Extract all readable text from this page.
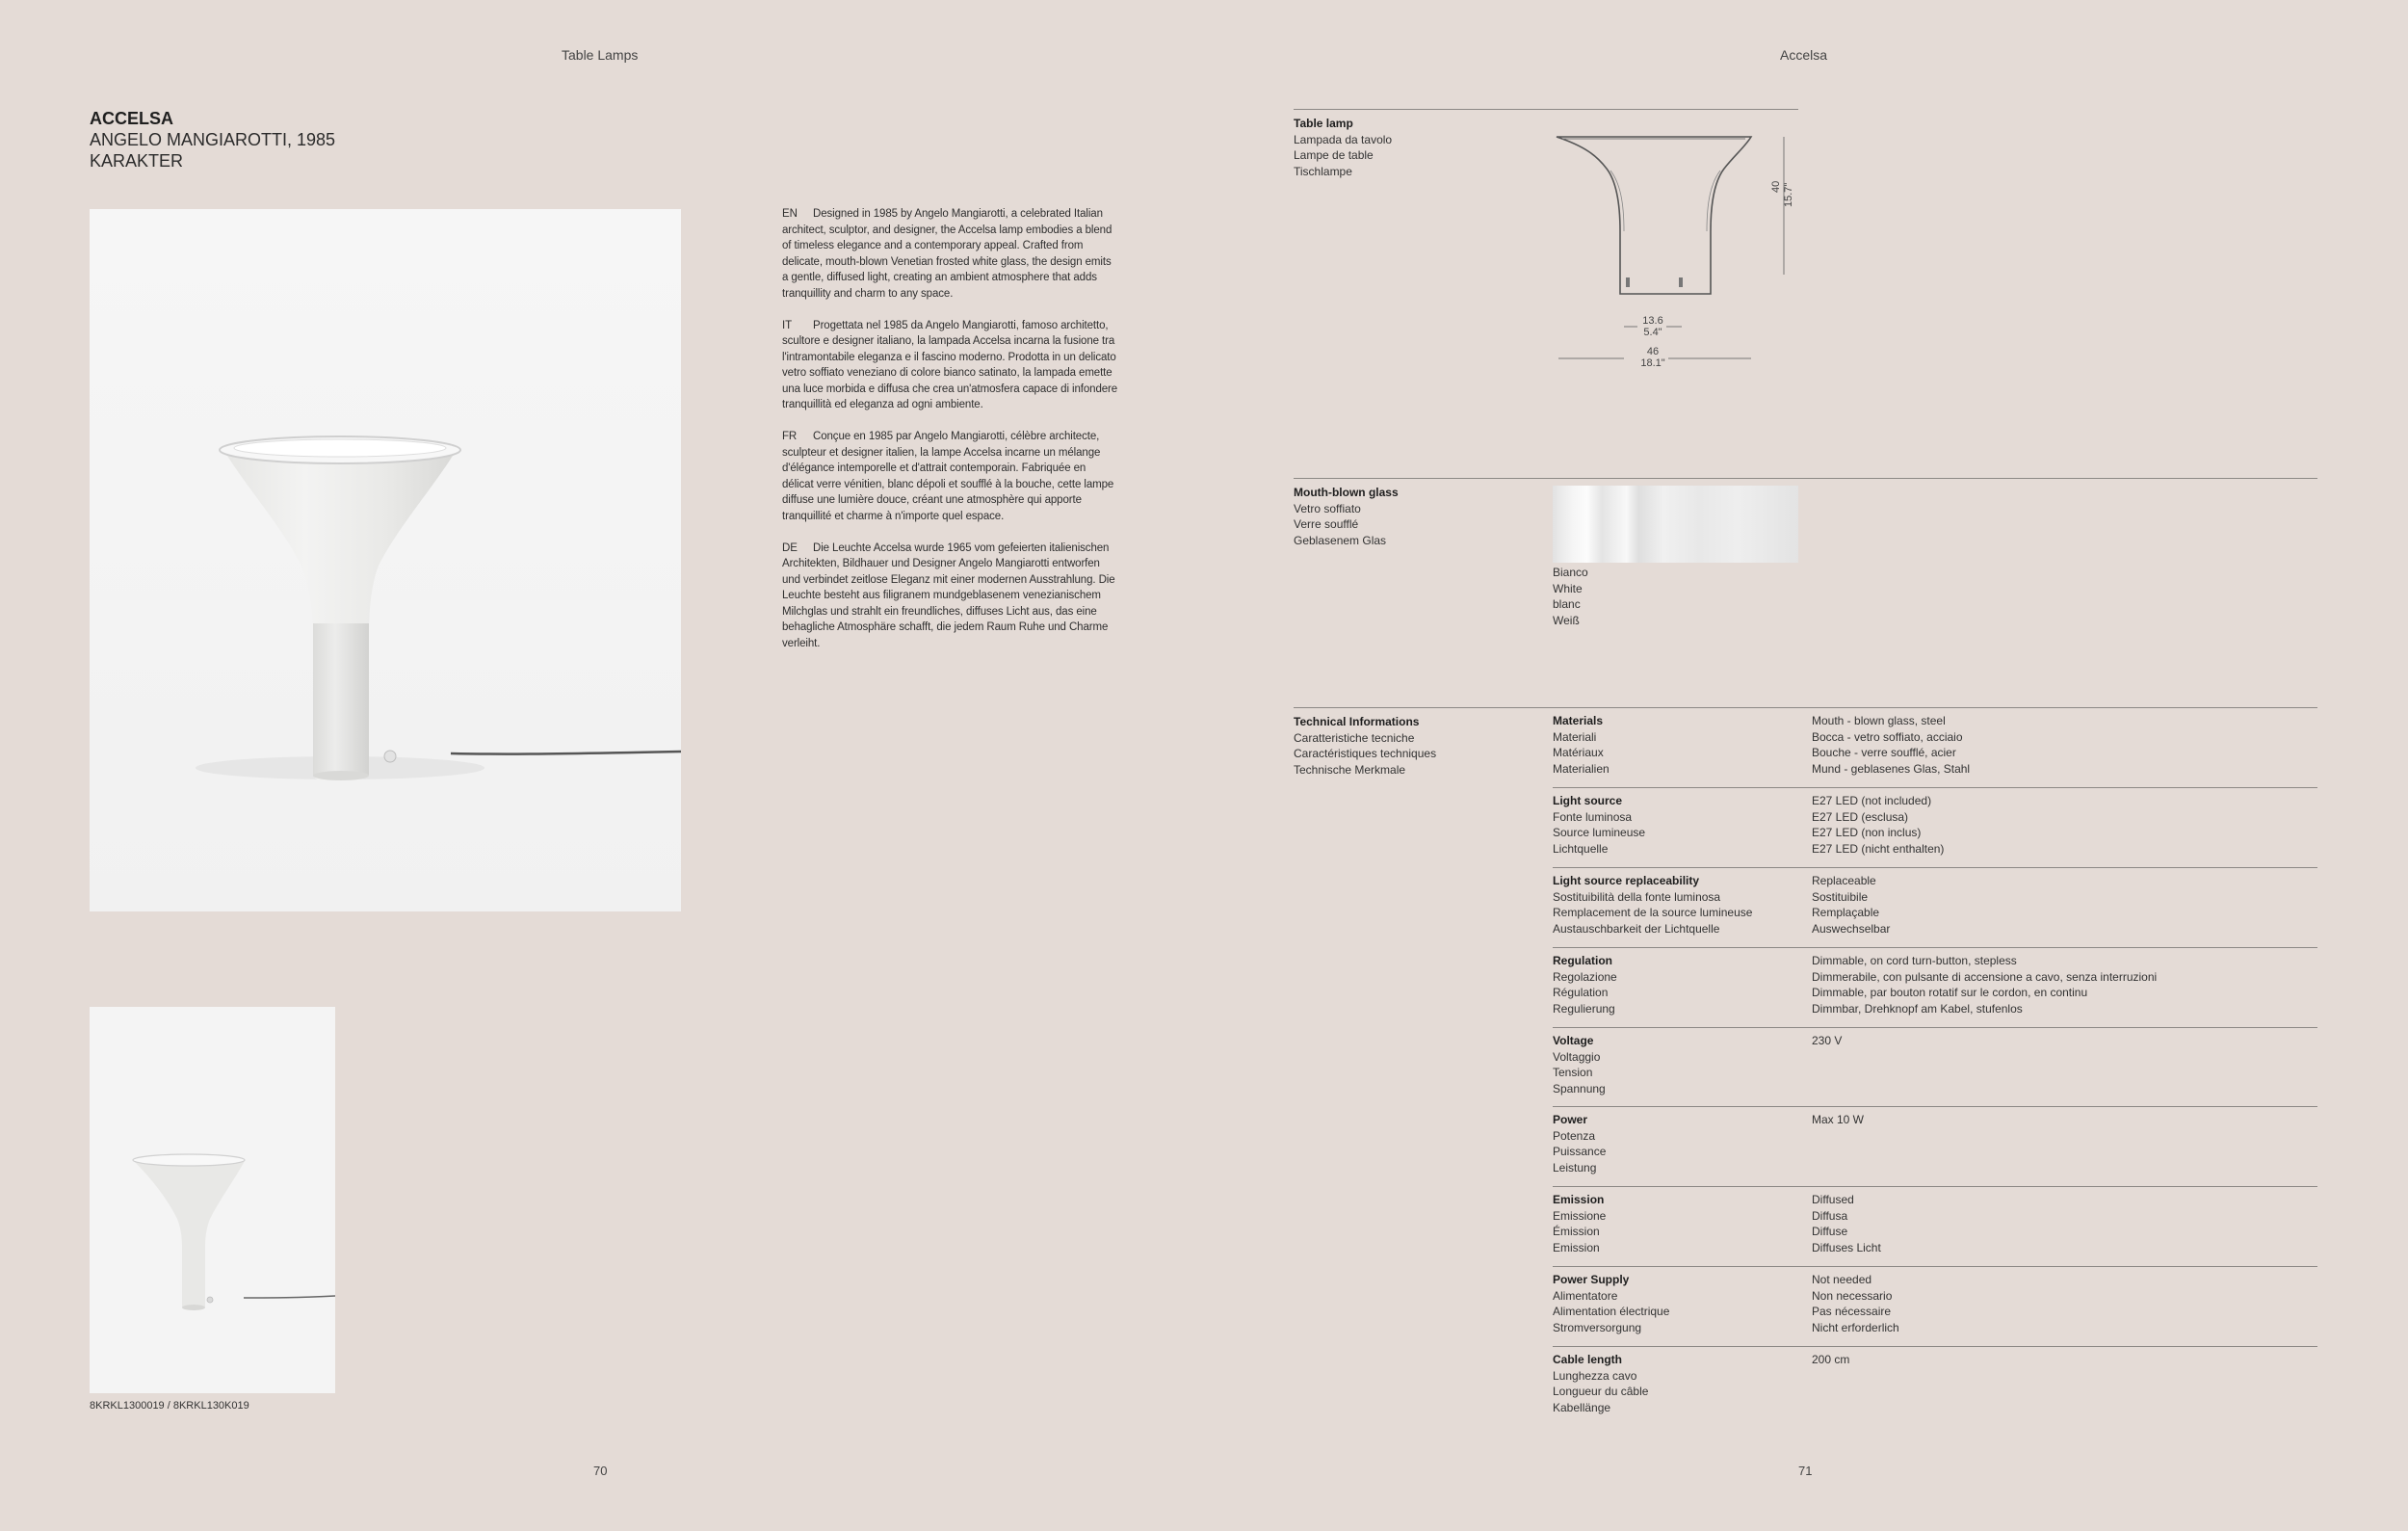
Table Lamps	Accelsa
ACCELSA
ANGELO MANGIAROTTI, 1985
KARAKTER
8KRKL1300019 / 8KRKL130K019

EN Designed in 1985 by Angelo Mangiarotti, a celebrated Italian architect, sculptor, and designer, the Accelsa lamp embodies a blend of timeless elegance and a contemporary appeal. Crafted from delicate, mouth-blown Venetian frosted white glass, the design emits a gentle, diffused light, creating an ambient atmosphere that adds tranquillity and charm to any space.

IT Progettata nel 1985 da Angelo Mangiarotti, famoso architetto, scultore e designer italiano, la lampada Accelsa incarna la fusione tra l'intramontabile eleganza e il fascino moderno. Prodotta in un delicato vetro soffiato veneziano di colore bianco satinato, la lampada emette una luce morbida e diffusa che crea un'atmosfera capace di infondere tranquillità ed eleganza ad ogni ambiente.

FR Conçue en 1985 par Angelo Mangiarotti, célèbre architecte, sculpteur et designer italien, la lampe Accelsa incarne un mélange d'élégance intemporelle et d'attrait contemporain. Fabriquée en délicat verre vénitien, blanc dépoli et soufflé à la bouche, cette lampe diffuse une lumière douce, créant une atmosphère qui apporte tranquillité et charme à n'importe quel espace.

DE Die Leuchte Accelsa wurde 1965 vom gefeierten italienischen Architekten, Bildhauer und Designer Angelo Mangiarotti entworfen und verbindet zeitlose Eleganz mit einer modernen Ausstrahlung. Die Leuchte besteht aus filigranem mundgeblasenem venezianischem Milchglas und strahlt ein freundliches, diffuses Licht aus, das eine behagliche Atmosphäre schafft, die jedem Raum Ruhe und Charme verleiht.

70	71
Table lamp
Lampada da tavolo
Lampe de table
Tischlampe
40 15.7"
13.6
5.4"
46
18.1"
Mouth-blown glass
Vetro soffiato
Verre soufflé
Geblasenem Glas
Bianco
White
blanc
Weiß
Technical Informations
Caratteristiche tecniche
Caractéristiques techniques
Technische Merkmale
Materials
Materiali
Matériaux
Materialien
Mouth - blown glass, steel
Bocca - vetro soffiato, acciaio
Bouche - verre soufflé, acier
Mund - geblasenes Glas, Stahl
Light source
Fonte luminosa
Source lumineuse
Lichtquelle
E27 LED (not included)
E27 LED (esclusa)
E27 LED (non inclus)
E27 LED (nicht enthalten)
Light source replaceability
Sostituibilità della fonte luminosa
Remplacement de la source lumineuse
Austauschbarkeit der Lichtquelle
Replaceable
Sostituibile
Remplaçable
Auswechselbar
Regulation
Regolazione
Régulation
Regulierung
Dimmable, on cord turn-button, stepless
Dimmerabile, con pulsante di accensione a cavo, senza interruzioni
Dimmable, par bouton rotatif sur le cordon, en continu
Dimmbar, Drehknopf am Kabel, stufenlos
Voltage
Voltaggio
Tension
Spannung
230 V
Power
Potenza
Puissance
Leistung
Max 10 W
Emission
Emissione
Émission
Emission
Diffused
Diffusa
Diffuse
Diffuses Licht
Power Supply
Alimentatore
Alimentation électrique
Stromversorgung
Not needed
Non necessario
Pas nécessaire
Nicht erforderlich
Cable length
Lunghezza cavo
Longueur du câble
Kabellänge
200 cm
